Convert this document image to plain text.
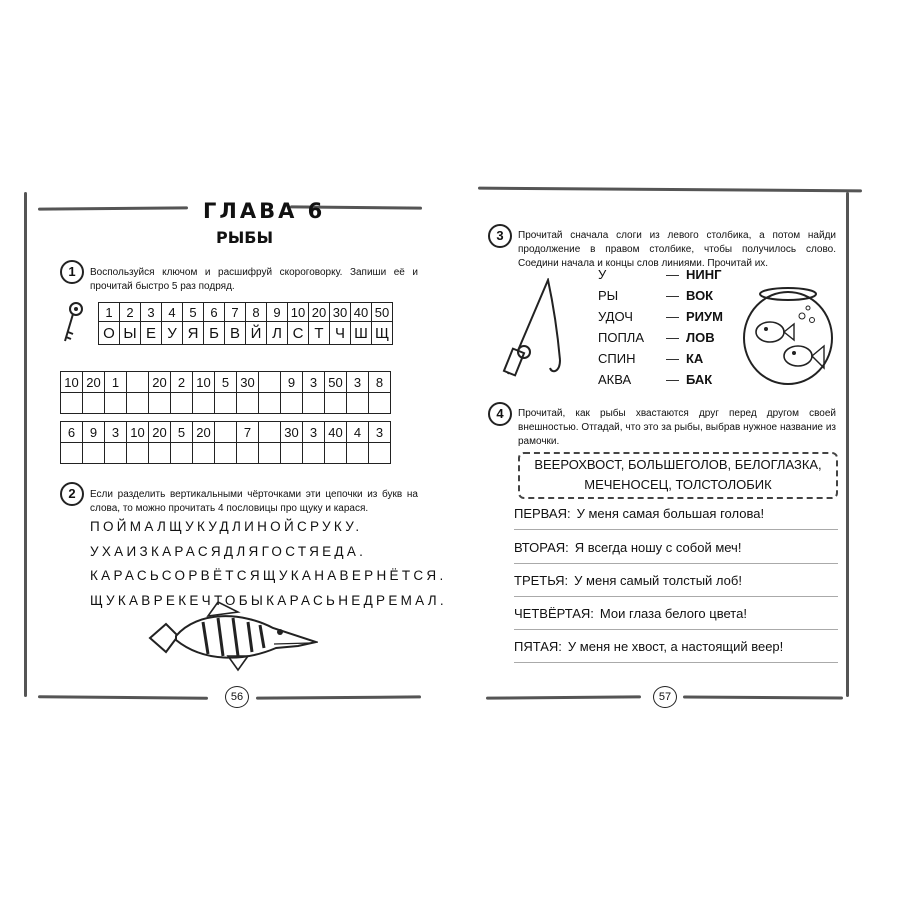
ГЛАВА 6
РЫБЫ
1	Воспользуйся ключом и расшифруй скороговорку. Запиши её и прочитай быстро 5 раз подряд.
1	2	3	4	5	6	7	8	9	10	20	30	40	50
О	Ы	Е	У	Я	Б	В	Й	Л	С	Т	Ч	Ш	Щ
10	20	1		20	2	10	5	30		9	3	50	3	8

6	9	3	10	20	5	20		7		30	3	40	4	3

2	Если разделить вертикальными чёрточками эти цепочки из букв на слова, то можно прочитать 4 пословицы про щуку и карася.
ПОЙМАЛЩУКУДЛИНОЙСРУКУ.
УХАИЗКАРАСЯДЛЯГОСТЯЕДА.
КАРАСЬСОРВЁТСЯЩУКАНАВЕРНЁТСЯ.
ЩУКАВРЕКЕЧТОБЫКАРАСЬНЕДРЕМАЛ.
56
3	Прочитай сначала слоги из левого столбика, а потом найди продолжение в правом столбике, чтобы получилось слово. Соедини начала и концы слов линиями. Прочитай их.
У	— НИНГ
РЫ	— ВОК
УДОЧ	— РИУМ
ПОПЛА	— ЛОВ
СПИН	— КА
АКВА	— БАК
4	Прочитай, как рыбы хвастаются друг перед другом своей внешностью. Отгадай, что это за рыбы, выбрав нужное название из рамочки.
ВЕЕРОХВОСТ, БОЛЬШЕГОЛОВ, БЕЛОГЛАЗКА,
МЕЧЕНОСЕЦ, ТОЛСТОЛОБИК
ПЕРВАЯ: У меня самая большая голова!
ВТОРАЯ: Я всегда ношу с собой меч!
ТРЕТЬЯ: У меня самый толстый лоб!
ЧЕТВЁРТАЯ: Мои глаза белого цвета!
ПЯТАЯ: У меня не хвост, а настоящий веер!
57
